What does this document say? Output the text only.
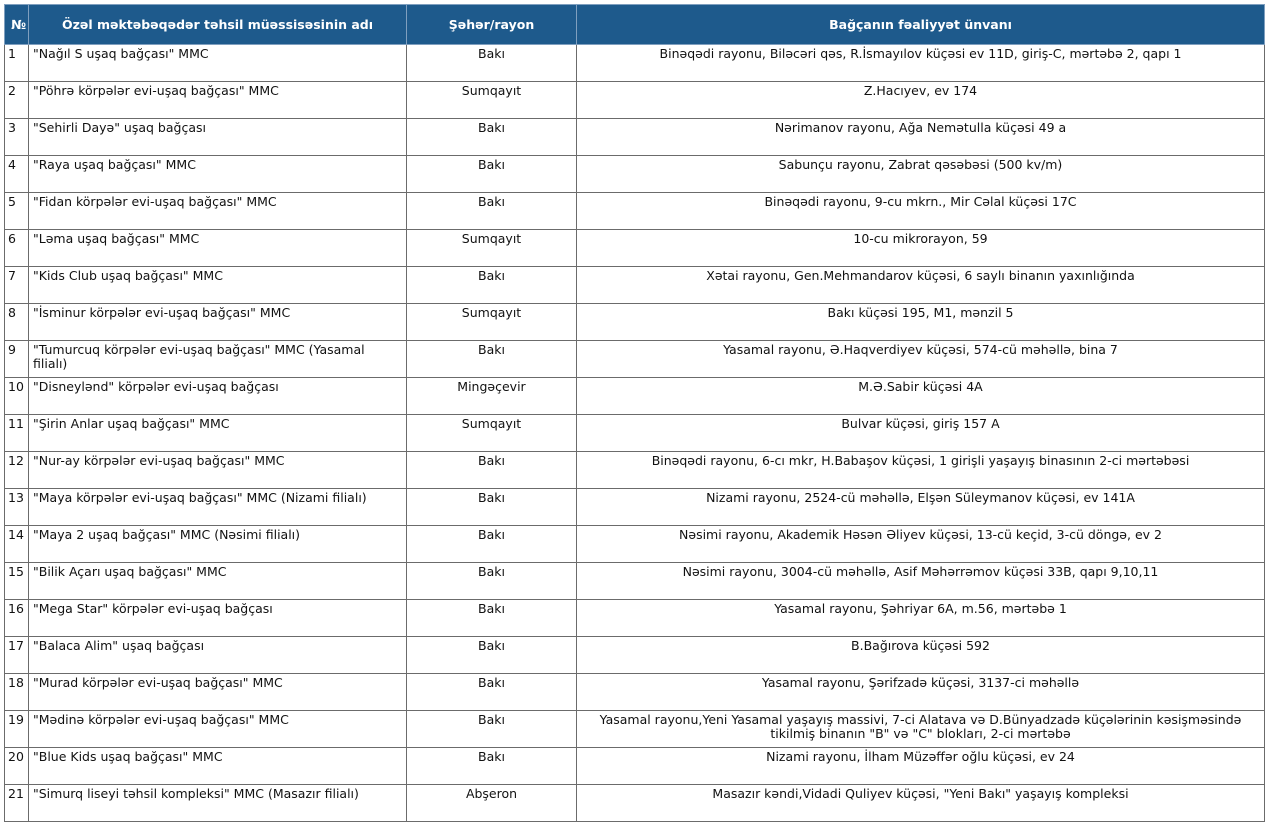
№	Özəl məktəbəqədər təhsil müəssisəsinin adı	Şəhər/rayon	Bağçanın fəaliyyət ünvanı

1	"Nağıl S uşaq bağçası" MMC	Bakı	Binəqədi rayonu, Biləcəri qəs, R.İsmayılov küçəsi ev 11D, giriş-C, mərtəbə 2, qapı 1

2	"Pöhrə körpələr evi-uşaq bağçası" MMC	Sumqayıt	Z.Hacıyev, ev 174

3	"Sehirli Dayə" uşaq bağçası	Bakı	Nərimanov rayonu, Ağa Nemətulla küçəsi 49 a

4	"Raya uşaq bağçası" MMC	Bakı	Sabunçu rayonu, Zabrat qəsəbəsi (500 kv/m)

5	"Fidan körpələr evi-uşaq bağçası" MMC	Bakı	Binəqədi rayonu, 9-cu mkrn., Mir Cəlal küçəsi 17C

6	"Ləma uşaq bağçası" MMC	Sumqayıt	10-cu mikrorayon, 59

7	"Kids Club uşaq bağçası" MMC	Bakı	Xətai rayonu, Gen.Mehmandarov küçəsi, 6 saylı binanın yaxınlığında

8	"İsminur körpələr evi-uşaq bağçası" MMC	Sumqayıt	Bakı küçəsi 195, M1, mənzil 5

9	"Tumurcuq körpələr evi-uşaq bağçası" MMC (Yasamal filialı)	Bakı	Yasamal rayonu, Ə.Haqverdiyev küçəsi, 574-cü məhəllə, bina 7

10	"Disneylənd" körpələr evi-uşaq bağçası	Mingəçevir	M.Ə.Sabir küçəsi 4A

11	"Şirin Anlar uşaq bağçası" MMC	Sumqayıt	Bulvar küçəsi, giriş 157 A

12	"Nur-ay körpələr evi-uşaq bağçası" MMC	Bakı	Binəqədi rayonu, 6-cı mkr, H.Babaşov küçəsi, 1 girişli yaşayış binasının 2-ci mərtəbəsi

13	"Maya körpələr evi-uşaq bağçası" MMC (Nizami filialı)	Bakı	Nizami rayonu, 2524-cü məhəllə, Elşən Süleymanov küçəsi, ev 141A

14	"Maya 2 uşaq bağçası" MMC (Nəsimi filialı)	Bakı	Nəsimi rayonu, Akademik Həsən Əliyev küçəsi, 13-cü keçid, 3-cü döngə, ev 2

15	"Bilik Açarı uşaq bağçası" MMC	Bakı	Nəsimi rayonu, 3004-cü məhəllə, Asif Məhərrəmov küçəsi 33B, qapı 9,10,11

16	"Mega Star" körpələr evi-uşaq bağçası	Bakı	Yasamal rayonu, Şəhriyar 6A, m.56, mərtəbə 1

17	"Balaca Alim" uşaq bağçası	Bakı	B.Bağırova küçəsi 592

18	"Murad körpələr evi-uşaq bağçası" MMC	Bakı	Yasamal rayonu, Şərifzadə küçəsi, 3137-ci məhəllə

19	"Mədinə körpələr evi-uşaq bağçası" MMC	Bakı	Yasamal rayonu,Yeni Yasamal yaşayış massivi, 7-ci Alatava və D.Bünyadzadə küçələrinin kəsişməsində tikilmiş binanın "B" və "C" blokları, 2-ci mərtəbə

20	"Blue Kids uşaq bağçası" MMC	Bakı	Nizami rayonu, İlham Müzəffər oğlu küçəsi, ev 24

21	"Simurq liseyi təhsil kompleksi" MMC (Masazır filialı)	Abşeron	Masazır kəndi,Vidadi Quliyev küçəsi, "Yeni Bakı" yaşayış kompleksi
